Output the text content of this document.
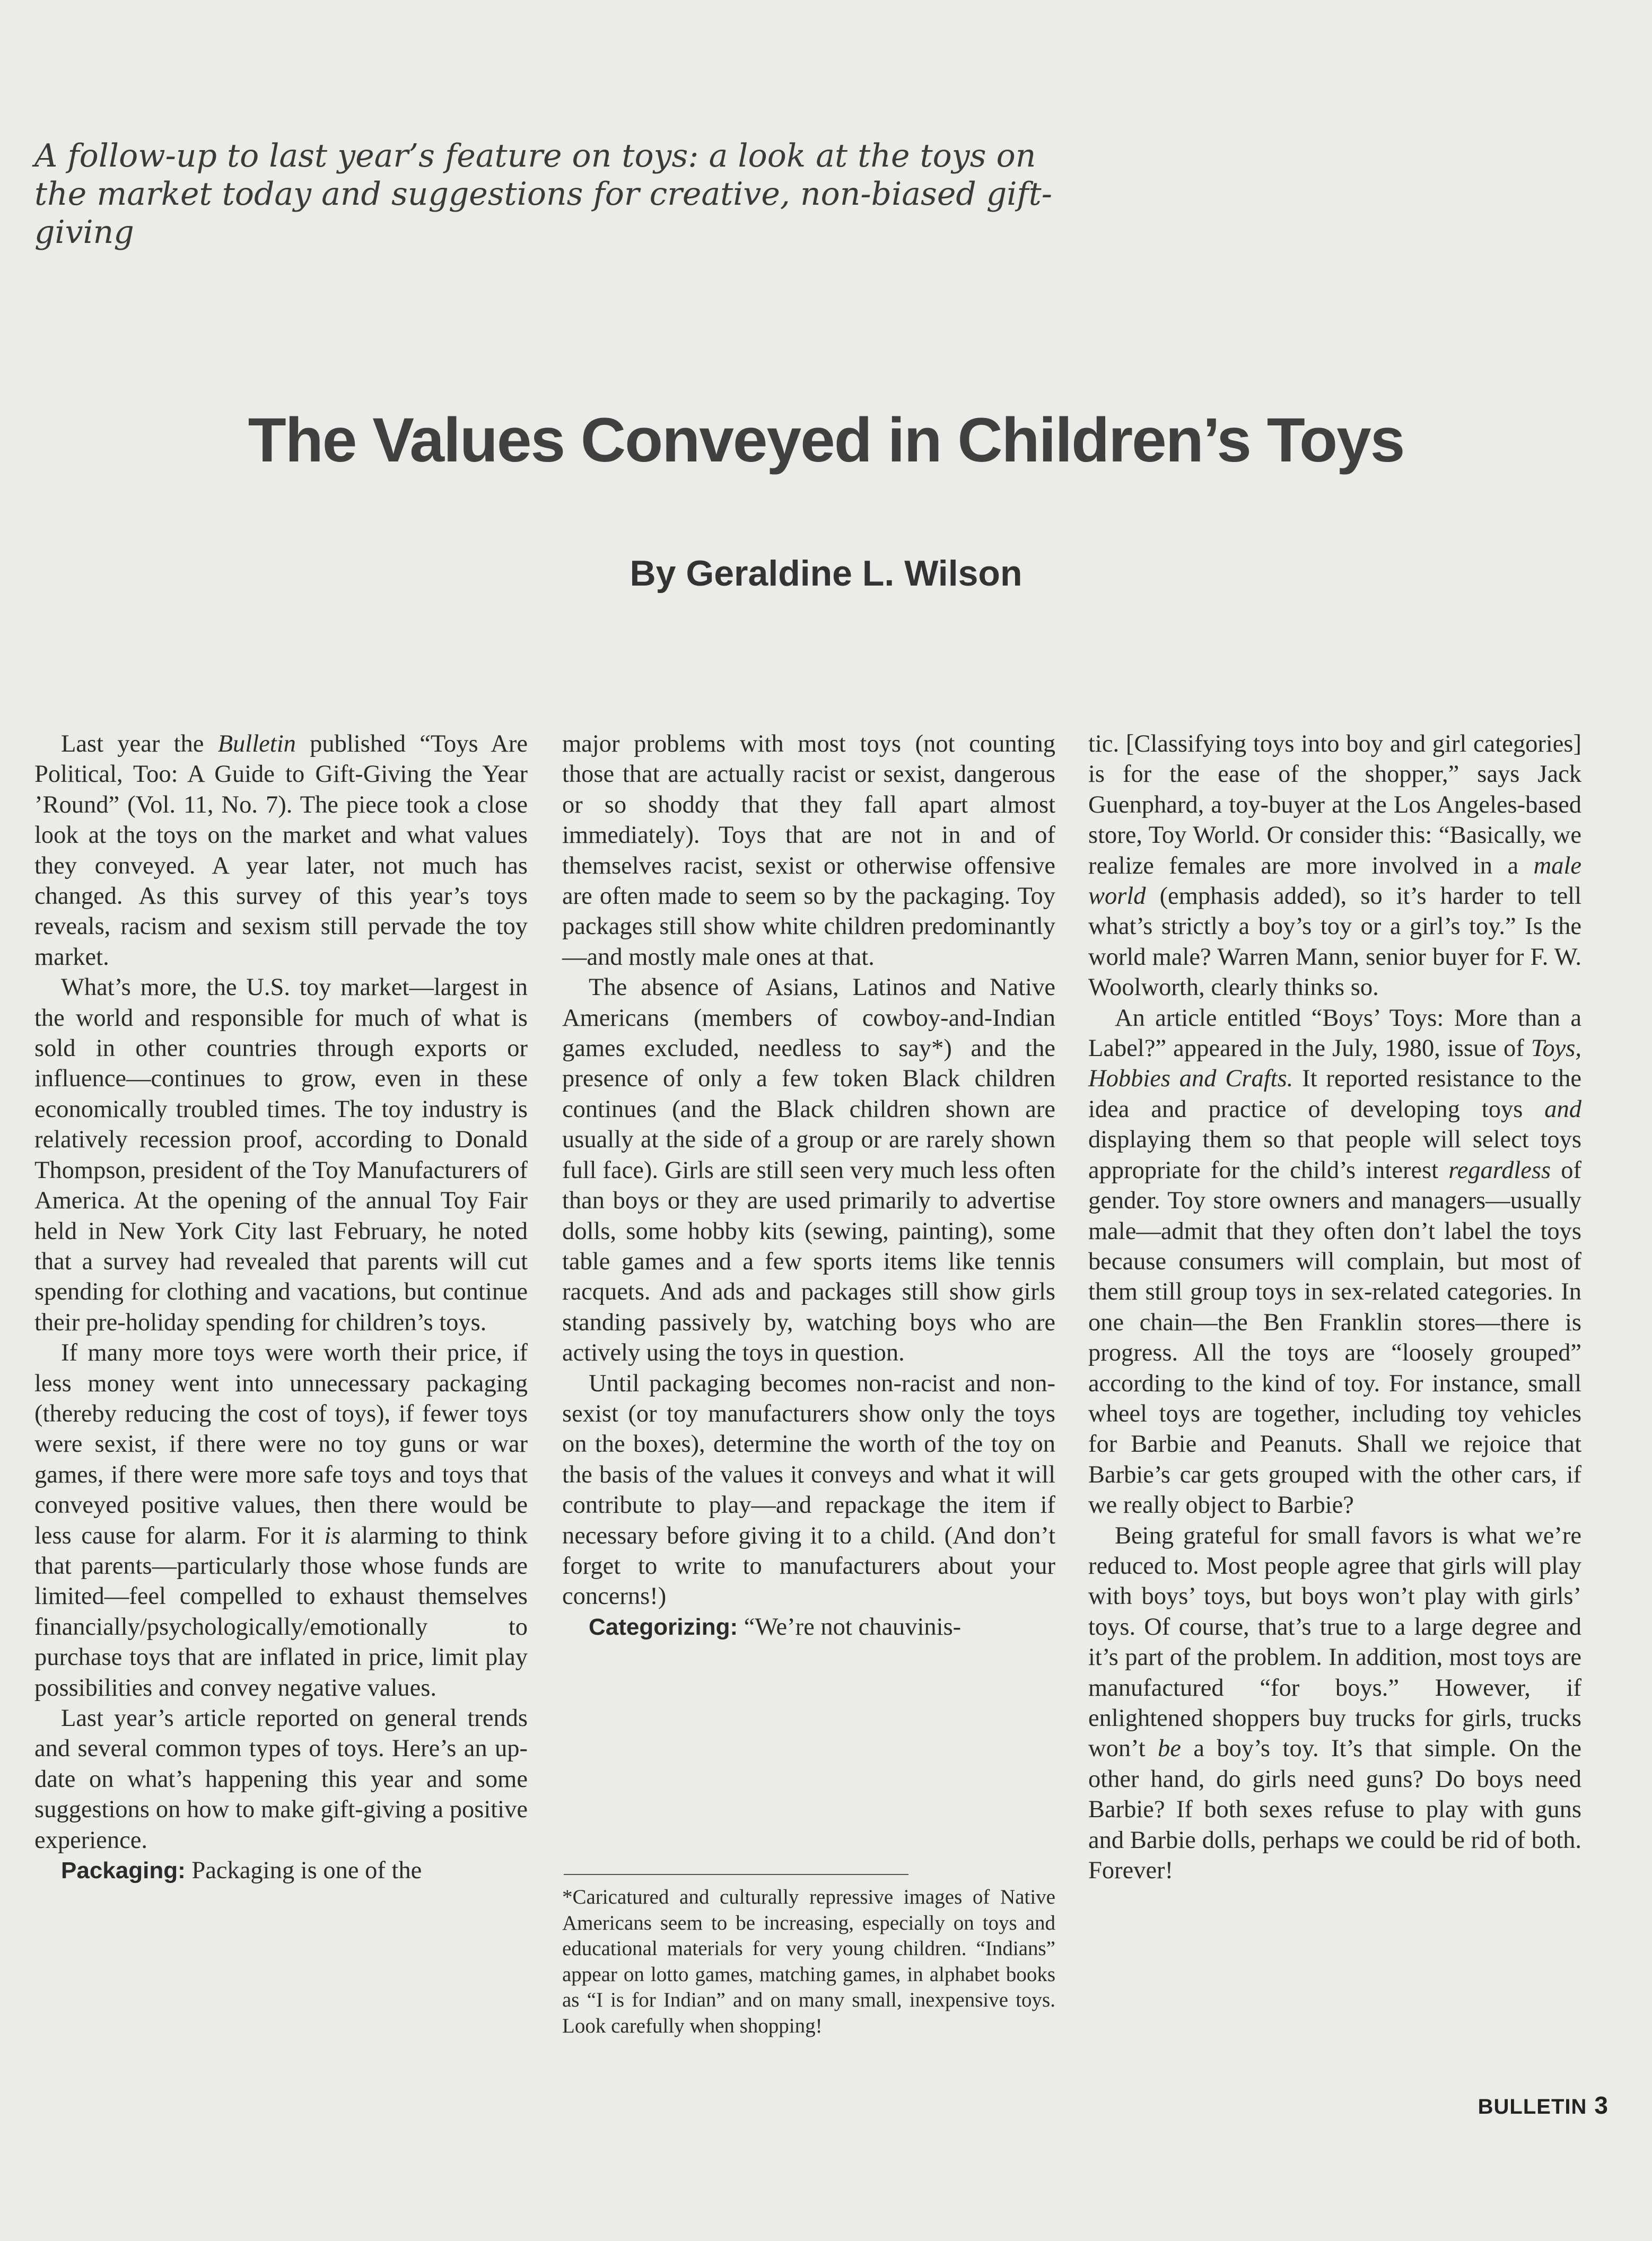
A follow-up to last year’s feature on toys: a look at the toys on the market today and suggestions for creative, non-biased gift-giving

The Values Conveyed in Children’s Toys
By Geraldine L. Wilson

Last year the Bulletin published “Toys Are Political, Too: A Guide to Gift-Giving the Year ’Round” (Vol. 11, No. 7). The piece took a close look at the toys on the market and what values they conveyed. A year later, not much has changed. As this survey of this year’s toys reveals, racism and sexism still pervade the toy market.

What’s more, the U.S. toy market—largest in the world and responsible for much of what is sold in other countries through exports or influence—continues to grow, even in these economically troubled times. The toy industry is relatively recession proof, according to Donald Thompson, president of the Toy Manufacturers of America. At the opening of the annual Toy Fair held in New York City last February, he noted that a survey had revealed that parents will cut spending for clothing and vacations, but continue their pre-holiday spending for children’s toys.

If many more toys were worth their price, if less money went into unnecessary packaging (thereby reducing the cost of toys), if fewer toys were sexist, if there were no toy guns or war games, if there were more safe toys and toys that conveyed positive values, then there would be less cause for alarm. For it is alarming to think that parents—particularly those whose funds are limited—feel compelled to exhaust themselves financially/psychologically/emotionally to purchase toys that are inflated in price, limit play possibilities and convey negative values.

Last year’s article reported on general trends and several common types of toys. Here’s an up-date on what’s happening this year and some suggestions on how to make gift-giving a positive experience.

Packaging: Packaging is one of the

major problems with most toys (not counting those that are actually racist or sexist, dangerous or so shoddy that they fall apart almost immediately). Toys that are not in and of themselves racist, sexist or otherwise offensive are often made to seem so by the packaging. Toy packages still show white children predominantly—and mostly male ones at that.

The absence of Asians, Latinos and Native Americans (members of cowboy-and-Indian games excluded, needless to say*) and the presence of only a few token Black children continues (and the Black children shown are usually at the side of a group or are rarely shown full face). Girls are still seen very much less often than boys or they are used primarily to advertise dolls, some hobby kits (sewing, painting), some table games and a few sports items like tennis racquets. And ads and packages still show girls standing passively by, watching boys who are actively using the toys in question.

Until packaging becomes non-racist and non-sexist (or toy manufacturers show only the toys on the boxes), determine the worth of the toy on the basis of the values it conveys and what it will contribute to play—and repackage the item if necessary before giving it to a child. (And don’t forget to write to manufacturers about your concerns!)

Categorizing: “We’re not chauvinis-

*Caricatured and culturally repressive images of Native Americans seem to be increasing, especially on toys and educational materials for very young children. “Indians” appear on lotto games, matching games, in alphabet books as “I is for Indian” and on many small, inexpensive toys. Look carefully when shopping!

tic. [Classifying toys into boy and girl categories] is for the ease of the shopper,” says Jack Guenphard, a toy-buyer at the Los Angeles-based store, Toy World. Or consider this: “Basically, we realize females are more involved in a male world (emphasis added), so it’s harder to tell what’s strictly a boy’s toy or a girl’s toy.” Is the world male? Warren Mann, senior buyer for F. W. Woolworth, clearly thinks so.

An article entitled “Boys’ Toys: More than a Label?” appeared in the July, 1980, issue of Toys, Hobbies and Crafts. It reported resistance to the idea and practice of developing toys and displaying them so that people will select toys appropriate for the child’s interest regardless of gender. Toy store owners and managers—usually male—admit that they often don’t label the toys because consumers will complain, but most of them still group toys in sex-related categories. In one chain—the Ben Franklin stores—there is progress. All the toys are “loosely grouped” according to the kind of toy. For instance, small wheel toys are together, including toy vehicles for Barbie and Peanuts. Shall we rejoice that Barbie’s car gets grouped with the other cars, if we really object to Barbie?

Being grateful for small favors is what we’re reduced to. Most people agree that girls will play with boys’ toys, but boys won’t play with girls’ toys. Of course, that’s true to a large degree and it’s part of the problem. In addition, most toys are manufactured “for boys.” However, if enlightened shoppers buy trucks for girls, trucks won’t be a boy’s toy. It’s that simple. On the other hand, do girls need guns? Do boys need Barbie? If both sexes refuse to play with guns and Barbie dolls, perhaps we could be rid of both. Forever!

BULLETIN 3
